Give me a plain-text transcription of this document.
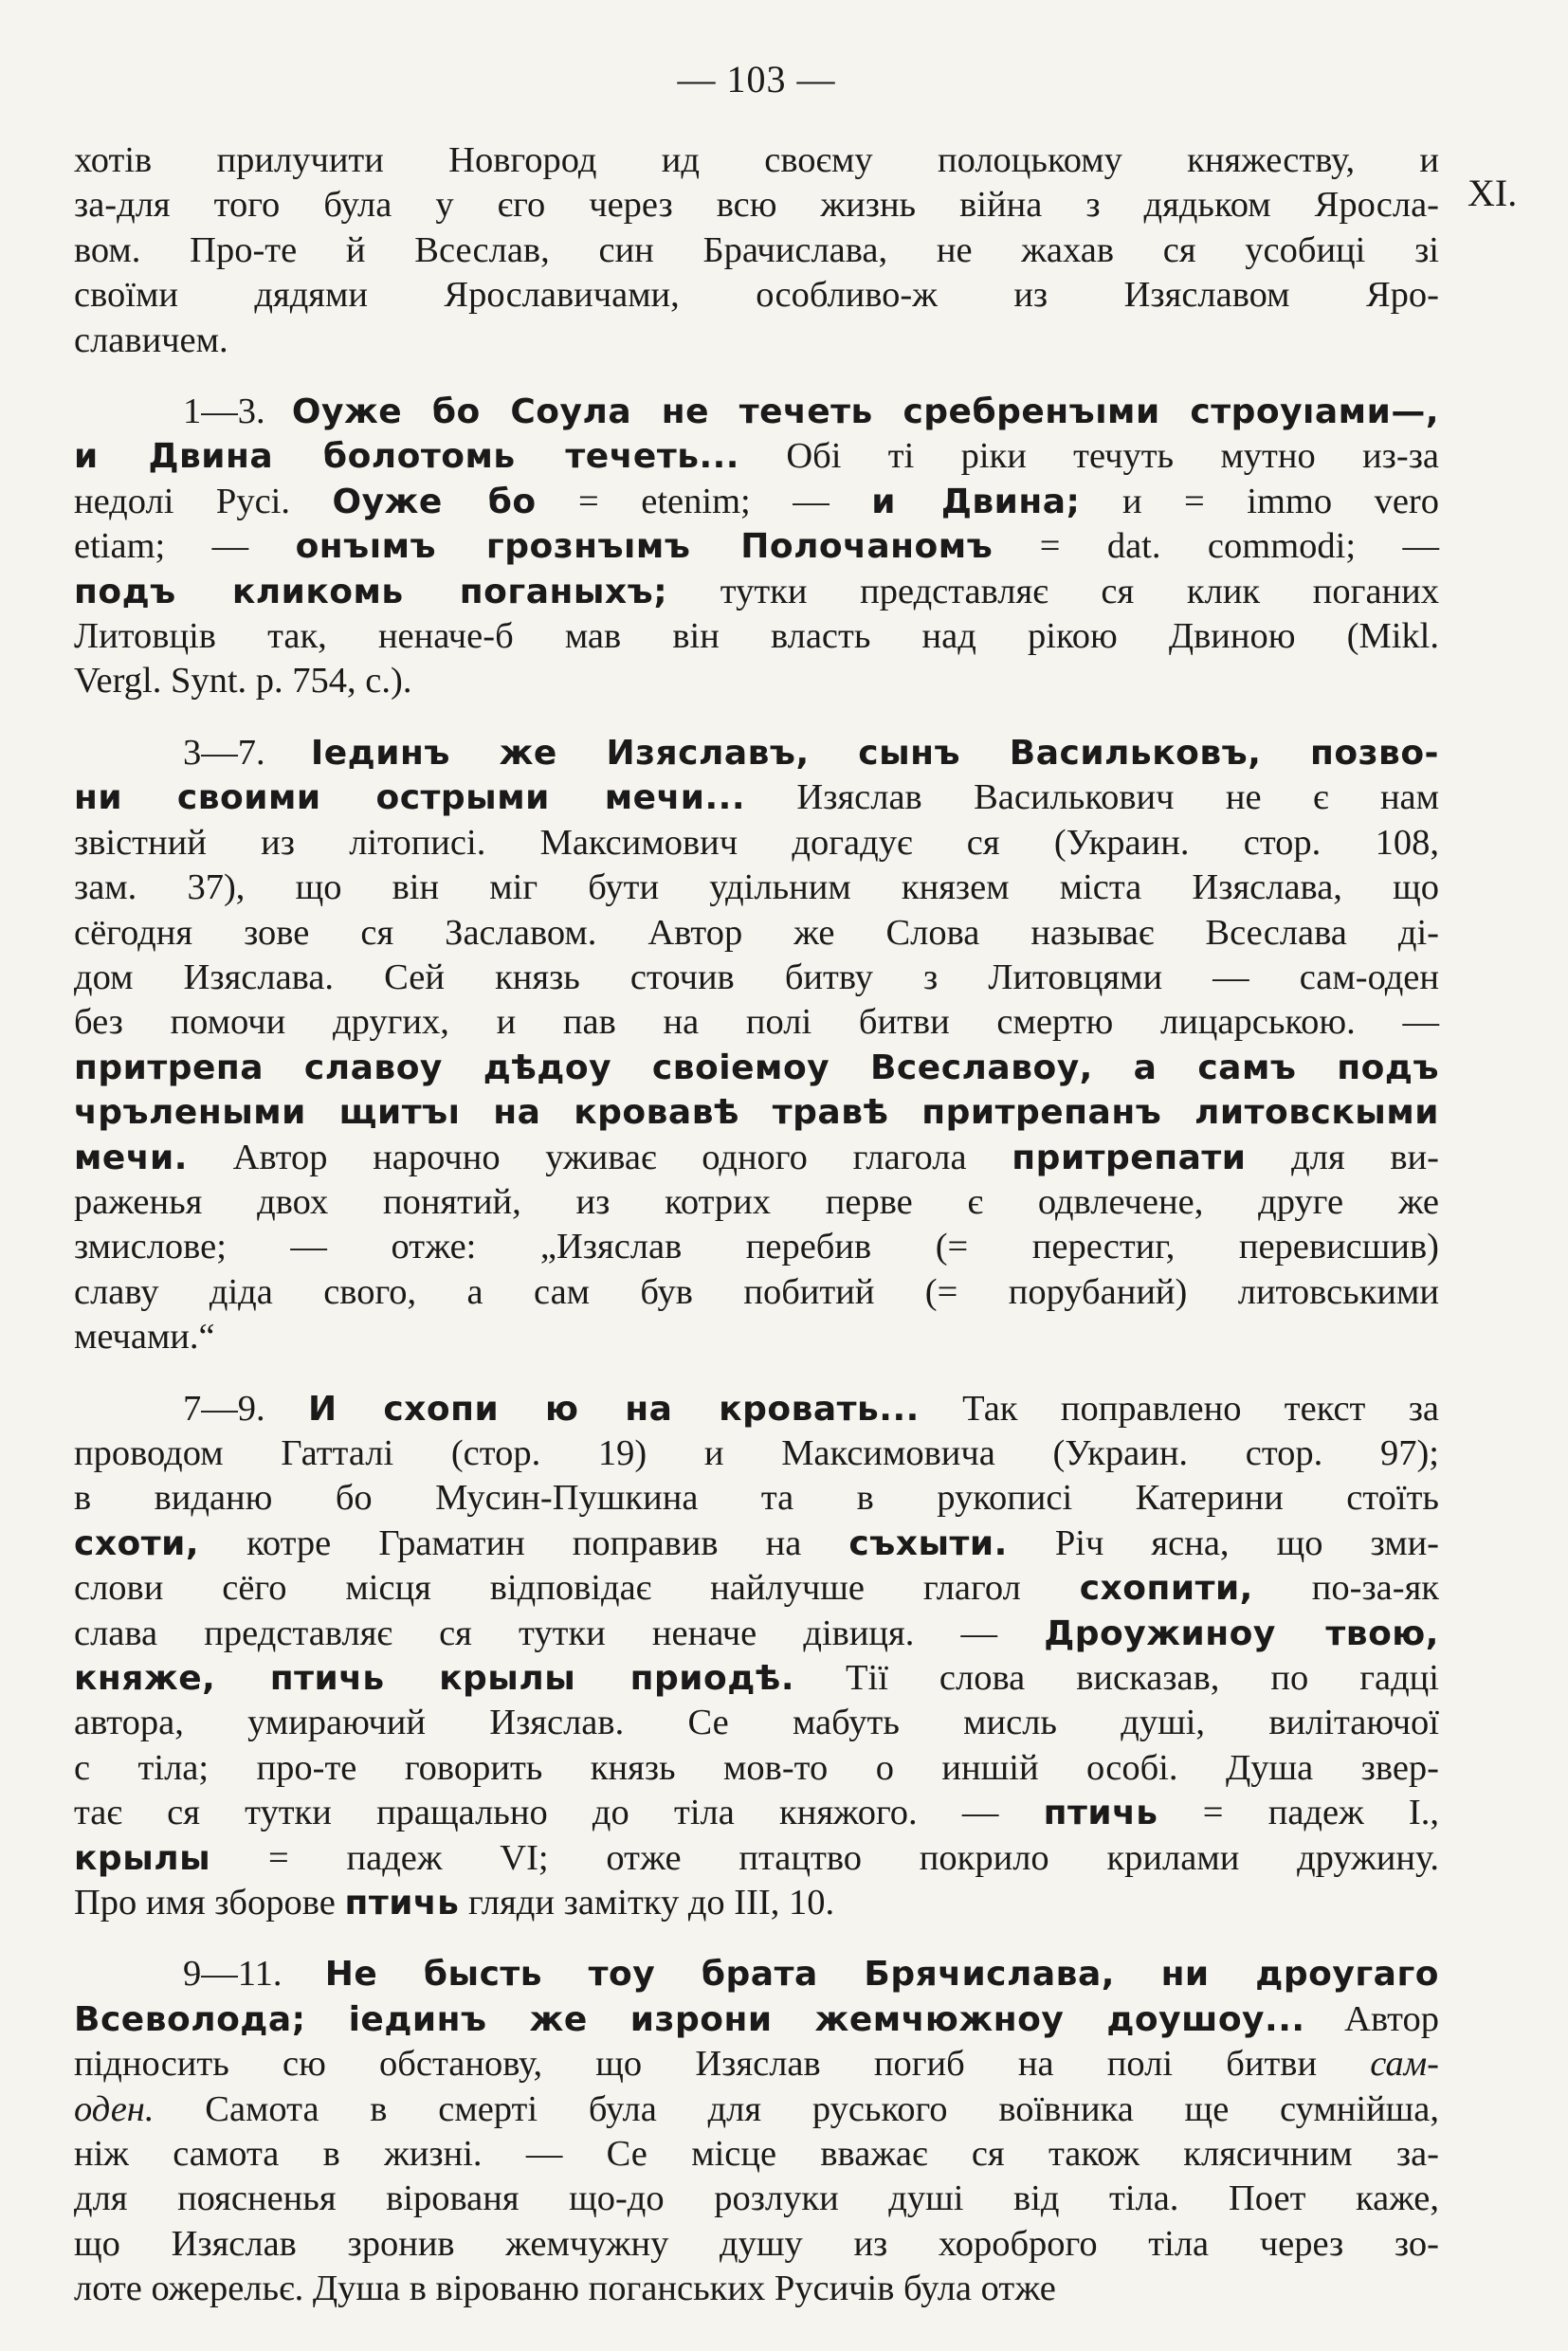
— 103 —
хотів прилучити Новгород ид своєму полоцькому княжеству, и
за-для того була у єго через всю жизнь війна з дядьком Яросла-
вом. Про-те й Всеслав, син Брачислава, не жахав ся усобиці зі
своїми дядями Ярославичами, особливо-ж из Изяславом Яро-
славичем.
1—3. Оуже бо Соула не течеть сребренъıми строуıами—,
и Двина болотомь течеть... Обі ті ріки течуть мутно из-за
недолі Русі. Оуже бо = etenim; — и Двина; и = immo vero
etiam; — онъıмъ грознъıмъ Полочаномъ = dat. commodi; —
подъ кликомь поганыхъ; тутки представляє ся клик поганих
Литовців так, неначе-б мав він власть над рікою Двиною (Mikl.
Vergl. Synt. p. 754, c.).
3—7. Іединъ же Изяславъ, сынъ Васильковъ, позво-
ни своими острыми мечи... Изяслав Василькович не є нам
звістний из літописі. Максимович догадує ся (Украин. стор. 108,
зам. 37), що він міг бути удільним князем міста Изяслава, що
сёгодня зове ся Заславом. Автор же Слова называє Всеслава ді-
дом Изяслава. Сей князь сточив битву з Литовцями — сам-оден
без помочи других, и пав на полі битви смертю лицарською. —
притрепа славоу дѣдоу своіемоу Всеславоу, а самъ подъ
чрълеными щитъı на кровавѣ травѣ притрепанъ литовскыми
мечи. Автор нарочно уживає одного глагола притрепати для ви-
раженья двох понятий, из котрих перве є одвлечене, друге же
змислове; — отже: „Изяслав перебив (= перестиг, перевисшив)
славу діда свого, а сам був побитий (= порубаний) литовськими
мечами.“
7—9. И схопи ю на кровать... Так поправлено текст за
проводом Гатталі (стор. 19) и Максимовича (Украин. стор. 97);
в виданю бо Мусин-Пушкина та в рукописі Катерини стоїть
схоти, котре Граматин поправив на съхыти. Річ ясна, що зми-
слови сёго місця відповідає найлучше глагол схопити, по-за-як
слава представляє ся тутки неначе дівиця. — Дроужиноу твою,
княже, птичь крылы приодѣ. Тії слова висказав, по гадці
автора, умираючий Изяслав. Се мабуть мисль душі, вилітаючої
с тіла; про-те говорить князь мов-то о иншій особі. Душа звер-
тає ся тутки пращально до тіла княжого. — птичь = падеж I.,
крылы = падеж VI; отже птацтво покрило крилами дружину.
Про имя зборове птичь гляди замітку до III, 10.
9—11. Не бысть тоу брата Брячислава, ни дроугаго
Всеволода; іединъ же изрони жемчюжноу доушоу... Автор
підносить сю обстанову, що Изяслав погиб на полі битви сам-
оден. Самота в смерті була для руського воївника ще сумнійша,
ніж самота в жизні. — Се місце вважає ся також клясичним за-
для поясненья вірованя що-до розлуки душі від тіла. Поет каже,
що Изяслав зронив жемчужну душу из хороброго тіла через зо-
лоте ожерельє. Душа в вірованю поганських Русичів була отже
XI.
